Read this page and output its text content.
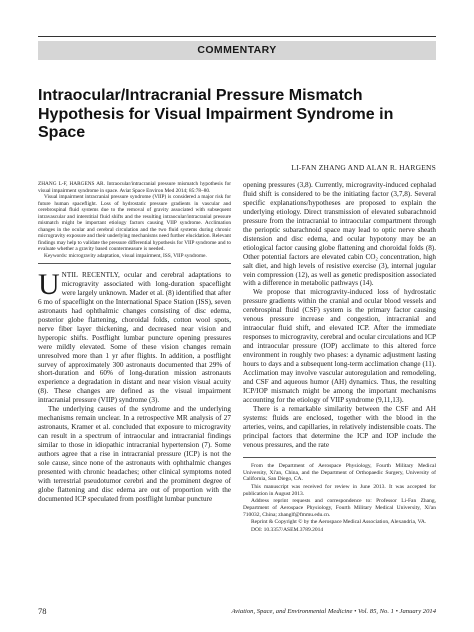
COMMENTARY
Intraocular/Intracranial Pressure Mismatch Hypothesis for Visual Impairment Syndrome in Space
LI-FAN ZHANG AND ALAN R. HARGENS

ZHANG L-F, HARGENS AR. Intraocular/intracranial pressure mismatch hypothesis for visual impairment syndrome in space. Aviat Space Environ Med 2014; 85:78–80.

Visual impairment intracranial pressure syndrome (VIIP) is considered a major risk for future human spaceflight. Loss of hydrostatic pressure gradients in vascular and cerebrospinal fluid systems due to the removal of gravity associated with subsequent intravascular and interstitial fluid shifts and the resulting intraocular/intracranial pressure mismatch might be important etiology factors causing VIIP syndrome. Acclimation changes in the ocular and cerebral circulation and the two fluid systems during chronic microgravity exposure and their underlying mechanisms need further elucidation. Relevant findings may help to validate the pressure differential hypothesis for VIIP syndrome and to evaluate whether a gravity based countermeasure is needed.

Keywords: microgravity adaptation, visual impairment, ISS, VIIP syndrome.

UNTIL RECENTLY, ocular and cerebral adaptations to microgravity associated with long-duration spaceflight were largely unknown. Mader et al. (8) identified that after 6 mo of spaceflight on the International Space Station (ISS), seven astronauts had ophthalmic changes consisting of disc edema, posterior globe flattening, choroidal folds, cotton wool spots, nerve fiber layer thickening, and decreased near vision and hyperopic shifts. Postflight lumbar puncture opening pressures were mildly elevated. Some of these vision changes remain unresolved more than 1 yr after flights. In addition, a postflight survey of approximately 300 astronauts documented that 29% of short-duration and 60% of long-duration mission astronauts experience a degradation in distant and near vision visual acuity (8). These changes are defined as the visual impairment intracranial pressure (VIIP) syndrome (3).

The underlying causes of the syndrome and the underlying mechanisms remain unclear. In a retrospective MR analysis of 27 astronauts, Kramer et al. concluded that exposure to microgravity can result in a spectrum of intraocular and intracranial findings similar to those in idiopathic intracranial hypertension (7). Some authors agree that a rise in intracranial pressure (ICP) is not the sole cause, since none of the astronauts with ophthalmic changes presented with chronic headaches; other clinical symptoms noted with terrestrial pseudotumor cerebri and the prominent degree of globe flattening and disc edema are out of proportion with the documented ICP speculated from postflight lumbar puncture

opening pressures (3,8). Currently, microgravity-induced cephalad fluid shift is considered to be the initiating factor (3,7,8). Several specific explanations/hypotheses are proposed to explain the underlying etiology. Direct transmission of elevated subarachnoid pressure from the intracranial to intraocular compartment through the perioptic subarachnoid space may lead to optic nerve sheath distension and disc edema, and ocular hypotony may be an etiological factor causing globe flattening and choroidal folds (8). Other potential factors are elevated cabin CO₂ concentration, high salt diet, and high levels of resistive exercise (3), internal jugular vein compression (12), as well as genetic predisposition associated with a difference in metabolic pathways (14).

We propose that microgravity-induced loss of hydrostatic pressure gradients within the cranial and ocular blood vessels and cerebrospinal fluid (CSF) system is the primary factor causing venous pressure increase and congestion, intracranial and intraocular fluid shift, and elevated ICP. After the immediate responses to microgravity, cerebral and ocular circulations and ICP and intraocular pressure (IOP) acclimate to this altered force environment in roughly two phases: a dynamic adjustment lasting hours to days and a subsequent long-term acclimation change (11). Acclimation may involve vascular autoregulation and remodeling, and CSF and aqueous humor (AH) dynamics. Thus, the resulting ICP/IOP mismatch might be among the important mechanisms accounting for the etiology of VIIP syndrome (9,11,13).

There is a remarkable similarity between the CSF and AH systems: fluids are enclosed, together with the blood in the arteries, veins, and capillaries, in relatively indistensible coats. The principal factors that determine the ICP and IOP include the venous pressures, and the rate

From the Department of Aerospace Physiology, Fourth Military Medical University, Xi'an, China, and the Department of Orthopaedic Surgery, University of California, San Diego, CA.

This manuscript was received for review in June 2013. It was accepted for publication in August 2013.

Address reprint requests and correspondence to: Professor Li-Fan Zhang, Department of Aerospace Physiology, Fourth Military Medical University, Xi'an 710032, China; zhanglf@fmmu.edu.cn.

Reprint & Copyright © by the Aerospace Medical Association, Alexandria, VA.

DOI: 10.3357/ASEM.3789.2014

78	Aviation, Space, and Environmental Medicine • Vol. 85, No. 1 • January 2014
